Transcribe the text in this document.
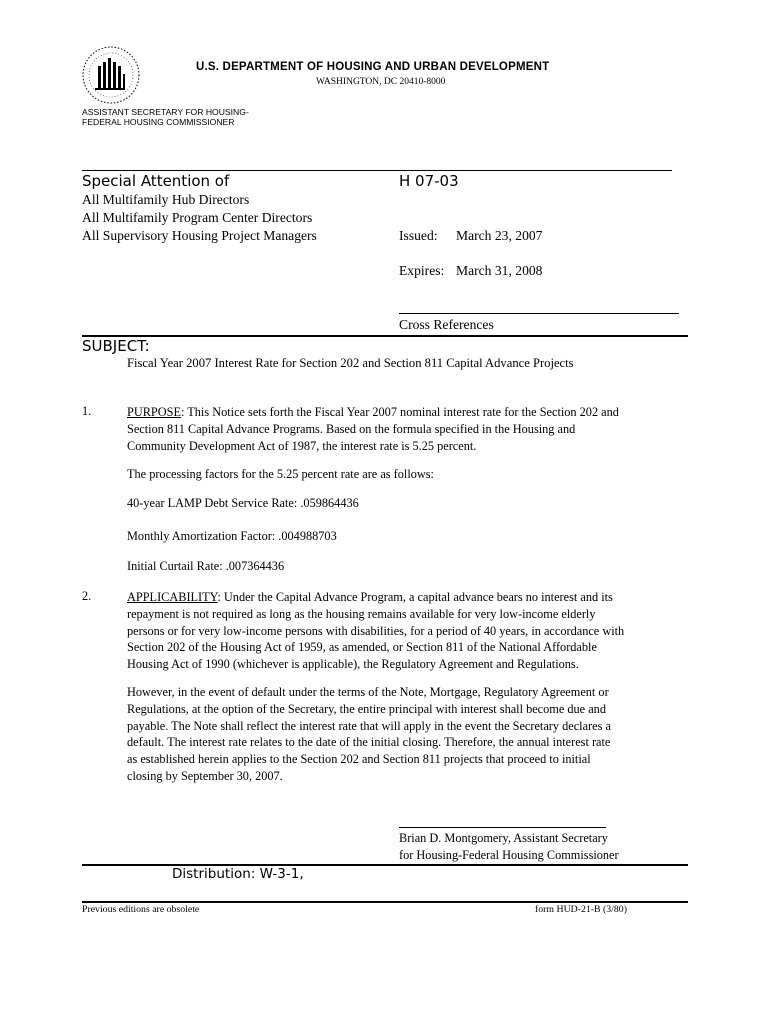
U.S. DEPARTMENT OF HOUSING AND URBAN DEVELOPMENT
WASHINGTON, DC 20410-8000
ASSISTANT SECRETARY FOR HOUSING-
FEDERAL HOUSING COMMISSIONER
Special Attention of
All Multifamily Hub Directors
All Multifamily Program Center Directors
All Supervisory Housing Project Managers
H 07-03
Issued: March 23, 2007
Expires: March 31, 2008
Cross References
SUBJECT:
Fiscal Year 2007 Interest Rate for Section 202 and Section 811 Capital Advance Projects
1.	PURPOSE: This Notice sets forth the Fiscal Year 2007 nominal interest rate for the Section 202 and
Section 811 Capital Advance Programs. Based on the formula specified in the Housing and
Community Development Act of 1987, the interest rate is 5.25 percent.
The processing factors for the 5.25 percent rate are as follows:
40-year LAMP Debt Service Rate: .059864436
Monthly Amortization Factor: .004988703
Initial Curtail Rate: .007364436
2.	APPLICABILITY: Under the Capital Advance Program, a capital advance bears no interest and its
repayment is not required as long as the housing remains available for very low-income elderly
persons or for very low-income persons with disabilities, for a period of 40 years, in accordance with
Section 202 of the Housing Act of 1959, as amended, or Section 811 of the National Affordable
Housing Act of 1990 (whichever is applicable), the Regulatory Agreement and Regulations.
However, in the event of default under the terms of the Note, Mortgage, Regulatory Agreement or
Regulations, at the option of the Secretary, the entire principal with interest shall become due and
payable. The Note shall reflect the interest rate that will apply in the event the Secretary declares a
default. The interest rate relates to the date of the initial closing. Therefore, the annual interest rate
as established herein applies to the Section 202 and Section 811 projects that proceed to initial
closing by September 30, 2007.
Brian D. Montgomery, Assistant Secretary
for Housing-Federal Housing Commissioner
Distribution: W-3-1,
Previous editions are obsolete	form HUD-21-B (3/80)
